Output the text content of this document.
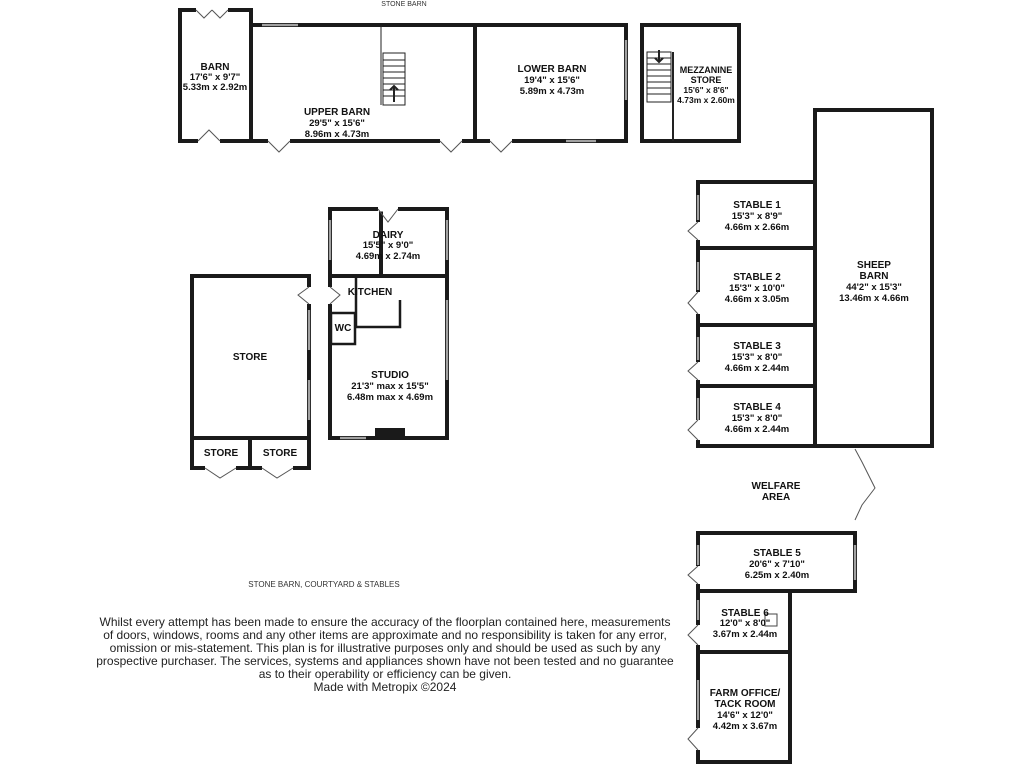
STONE BARN
STONE BARN, COURTYARD & STABLES
BARN
17'6" x 9'7"
5.33m x 2.92m
UPPER BARN
29'5" x 15'6"
8.96m x 4.73m
LOWER BARN
19'4" x 15'6"
5.89m x 4.73m
MEZZANINE
STORE
15'6" x 8'6"
4.73m x 2.60m
DAIRY
15'5" x 9'0"
4.69m x 2.74m
KITCHEN
WC
STUDIO
21'3" max x 15'5"
6.48m max x 4.69m
STORE
STORE STORE
STABLE 1
15'3" x 8'9"
4.66m x 2.66m
STABLE 2
15'3" x 10'0"
4.66m x 3.05m
STABLE 3
15'3" x 8'0"
4.66m x 2.44m
STABLE 4
15'3" x 8'0"
4.66m x 2.44m
SHEEP
BARN
44'2" x 15'3"
13.46m x 4.66m
WELFARE
AREA
STABLE 5
20'6" x 7'10"
6.25m x 2.40m
STABLE 6
12'0" x 8'0"
3.67m x 2.44m
FARM OFFICE/
TACK ROOM
14'6" x 12'0"
4.42m x 3.67m
Whilst every attempt has been made to ensure the accuracy of the floorplan contained here, measurements
of doors, windows, rooms and any other items are approximate and no responsibility is taken for any error,
omission or mis-statement. This plan is for illustrative purposes only and should be used as such by any
prospective purchaser. The services, systems and appliances shown have not been tested and no guarantee
as to their operability or efficiency can be given.
Made with Metropix ©2024
